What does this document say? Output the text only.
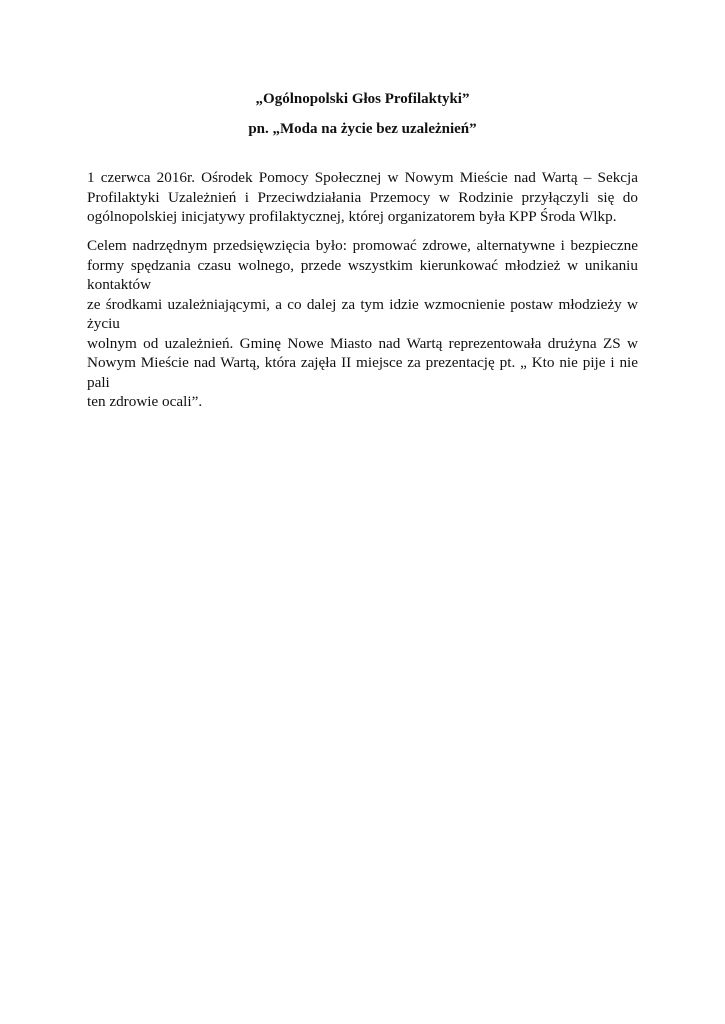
„Ogólnopolski Głos Profilaktyki”

pn. „Moda na życie bez uzależnień”

1 czerwca 2016r. Ośrodek Pomocy Społecznej w Nowym Mieście nad Wartą – Sekcja
Profilaktyki Uzależnień i Przeciwdziałania Przemocy w Rodzinie przyłączyli się do
ogólnopolskiej inicjatywy profilaktycznej, której organizatorem była KPP Środa Wlkp.
Celem nadrzędnym przedsięwzięcia było: promować zdrowe, alternatywne i bezpieczne
formy spędzania czasu wolnego, przede wszystkim kierunkować młodzież w unikaniu
kontaktów
ze środkami uzależniającymi, a co dalej za tym idzie wzmocnienie postaw młodzieży w życiu
wolnym od uzależnień. Gminę Nowe Miasto nad Wartą reprezentowała drużyna ZS w
Nowym Mieście nad Wartą, która zajęła II miejsce za prezentację pt. „ Kto nie pije i nie pali
ten zdrowie ocali”.
